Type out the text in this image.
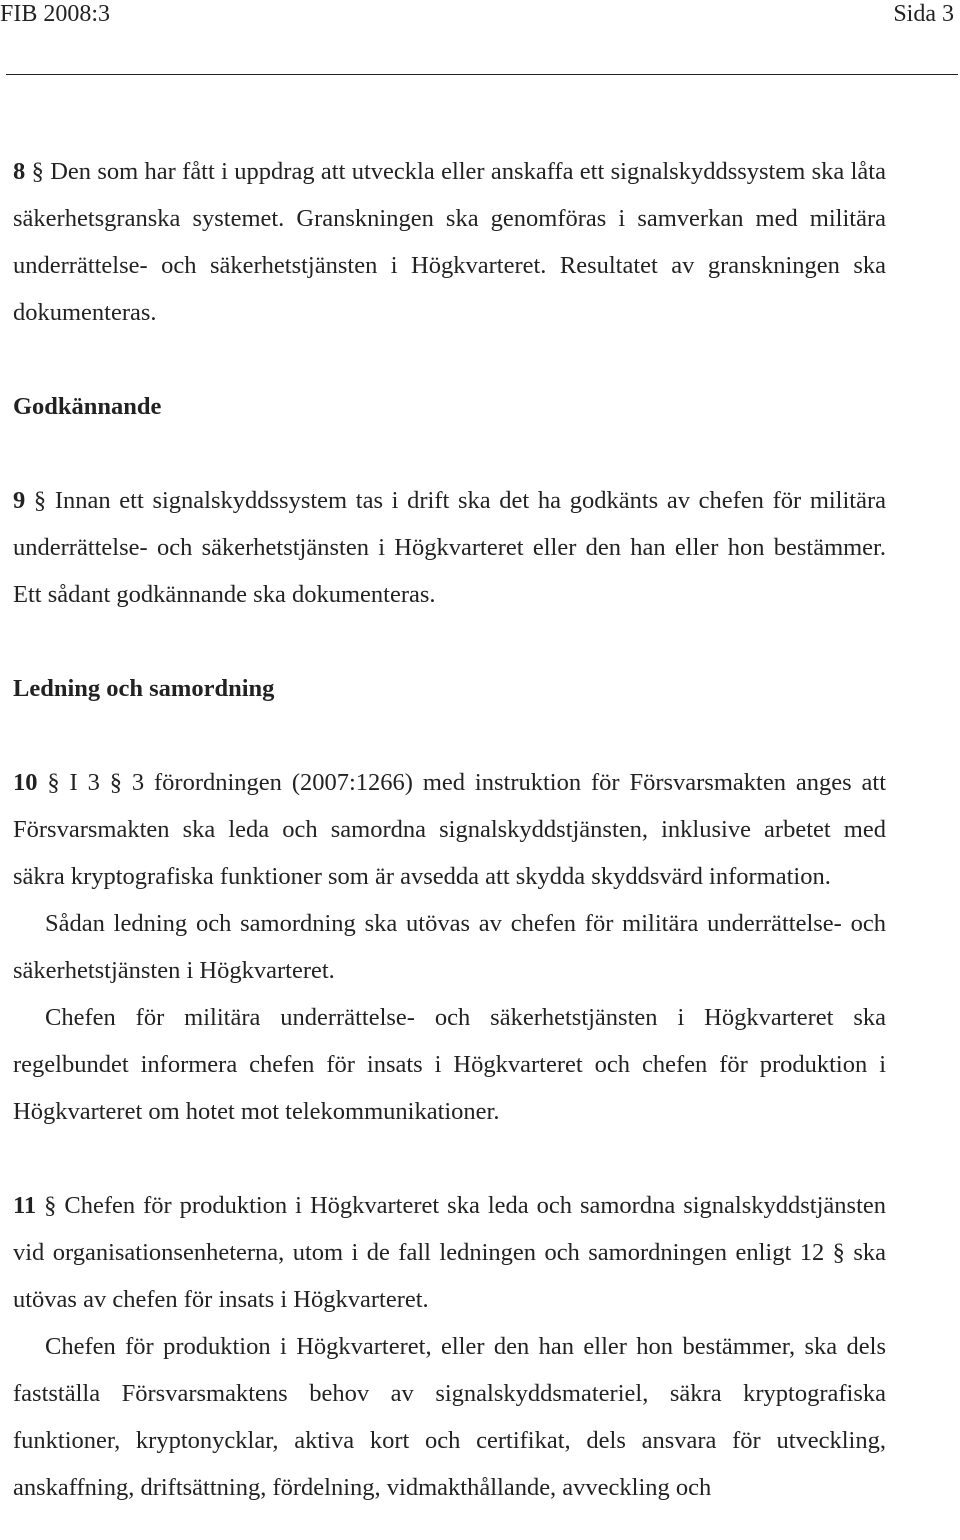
FIB 2008:3	Sida 3

8 § Den som har fått i uppdrag att utveckla eller anskaffa ett signalskyddssystem ska låta säkerhetsgranska systemet. Granskningen ska genomföras i samverkan med militära underrättelse- och säkerhetstjänsten i Högkvarteret. Resultatet av granskningen ska dokumenteras.

Godkännande

9 § Innan ett signalskyddssystem tas i drift ska det ha godkänts av chefen för militära underrättelse- och säkerhetstjänsten i Högkvarteret eller den han eller hon bestämmer. Ett sådant godkännande ska dokumenteras.

Ledning och samordning

10 § I 3 § 3 förordningen (2007:1266) med instruktion för Försvarsmakten anges att Försvarsmakten ska leda och samordna signalskyddstjänsten, inklusive arbetet med säkra kryptografiska funktioner som är avsedda att skydda skyddsvärd information.

Sådan ledning och samordning ska utövas av chefen för militära underrättelse- och säkerhetstjänsten i Högkvarteret.

Chefen för militära underrättelse- och säkerhetstjänsten i Högkvarteret ska regelbundet informera chefen för insats i Högkvarteret och chefen för produktion i Högkvarteret om hotet mot telekommunikationer.

11 § Chefen för produktion i Högkvarteret ska leda och samordna signalskyddstjänsten vid organisationsenheterna, utom i de fall ledningen och samordningen enligt 12 § ska utövas av chefen för insats i Högkvarteret.

Chefen för produktion i Högkvarteret, eller den han eller hon bestämmer, ska dels fastställa Försvarsmaktens behov av signalskyddsmateriel, säkra kryptografiska funktioner, kryptonycklar, aktiva kort och certifikat, dels ansvara för utveckling, anskaffning, driftsättning, fördelning, vidmakthållande, avveckling och
